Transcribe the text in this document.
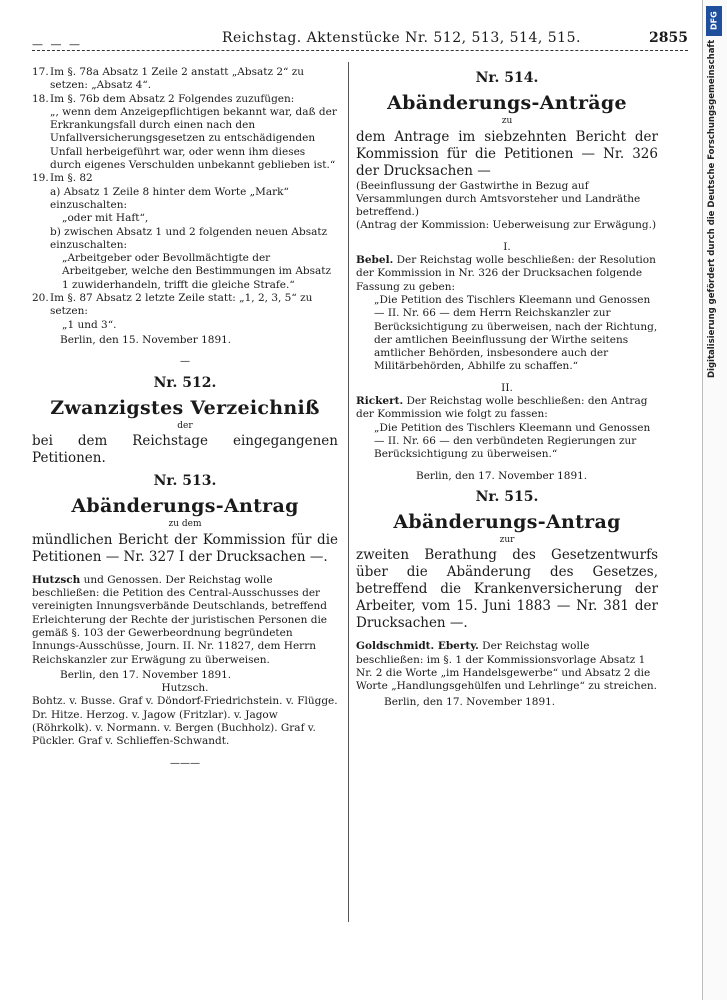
— — —	Reichstag. Aktenstücke Nr. 512, 513, 514, 515.	2855
17. Im §. 78a Absatz 1 Zeile 2 anstatt „Absatz 2“ zu setzen: „Absatz 4“.
18. Im §. 76b dem Absatz 2 Folgendes zuzufügen:
„, wenn dem Anzeigepflichtigen bekannt war, daß der Erkrankungsfall durch einen nach den Unfallversicherungsgesetzen zu entschädigenden Unfall herbeigeführt war, oder wenn ihm dieses durch eigenes Verschulden unbekannt geblieben ist.“
19. Im §. 82
a) Absatz 1 Zeile 8 hinter dem Worte „Mark“ einzuschalten:
„oder mit Haft“,
b) zwischen Absatz 1 und 2 folgenden neuen Absatz einzuschalten:
„Arbeitgeber oder Bevollmächtigte der Arbeitgeber, welche den Bestimmungen im Absatz 1 zuwiderhandeln, trifft die gleiche Strafe.“
20. Im §. 87 Absatz 2 letzte Zeile statt: „1, 2, 3, 5“ zu setzen:
„1 und 3“.
Berlin, den 15. November 1891.
—
Nr. 512.
Zwanzigstes Verzeichniß
der
bei dem Reichstage eingegangenen Petitionen.
Nr. 513.
Abänderungs-Antrag
zu dem
mündlichen Bericht der Kommission für die Petitionen — Nr. 327 I der Drucksachen —.
Hutzsch und Genossen. Der Reichstag wolle beschließen: die Petition des Central-Ausschusses der vereinigten Innungsverbände Deutschlands, betreffend Erleichterung der Rechte der juristischen Personen die gemäß §. 103 der Gewerbeordnung begründeten Innungs-Ausschüsse, Journ. II. Nr. 11827, dem Herrn Reichskanzler zur Erwägung zu überweisen.
Berlin, den 17. November 1891.
Hutzsch.
Bohtz. v. Busse. Graf v. Döndorf-Friedrichstein. v. Flügge. Dr. Hitze. Herzog. v. Jagow (Fritzlar). v. Jagow (Röhrkolk). v. Normann. v. Bergen (Buchholz). Graf v. Pückler. Graf v. Schlieffen-Schwandt.
———
Nr. 514.
Abänderungs-Anträge
zu
dem Antrage im siebzehnten Bericht der Kommission für die Petitionen — Nr. 326 der Drucksachen —
(Beeinflussung der Gastwirthe in Bezug auf Versammlungen durch Amtsvorsteher und Landräthe betreffend.)
(Antrag der Kommission: Ueberweisung zur Erwägung.)
I.
Bebel. Der Reichstag wolle beschließen: der Resolution der Kommission in Nr. 326 der Drucksachen folgende Fassung zu geben:
„Die Petition des Tischlers Kleemann und Genossen — II. Nr. 66 — dem Herrn Reichskanzler zur Berücksichtigung zu überweisen, nach der Richtung, der amtlichen Beeinflussung der Wirthe seitens amtlicher Behörden, insbesondere auch der Militärbehörden, Abhilfe zu schaffen.“
II.
Rickert. Der Reichstag wolle beschließen: den Antrag der Kommission wie folgt zu fassen:
„Die Petition des Tischlers Kleemann und Genossen — II. Nr. 66 — den verbündeten Regierungen zur Berücksichtigung zu überweisen.“
Berlin, den 17. November 1891.
Nr. 515.
Abänderungs-Antrag
zur
zweiten Berathung des Gesetzentwurfs über die Abänderung des Gesetzes, betreffend die Krankenversicherung der Arbeiter, vom 15. Juni 1883 — Nr. 381 der Drucksachen —.
Goldschmidt. Eberty. Der Reichstag wolle beschließen: im §. 1 der Kommissionsvorlage Absatz 1 Nr. 2 die Worte „im Handelsgewerbe“ und Absatz 2 die Worte „Handlungsgehülfen und Lehrlinge“ zu streichen.
Berlin, den 17. November 1891.
DFG
Digitalisierung gefördert durch die Deutsche Forschungsgemeinschaft
